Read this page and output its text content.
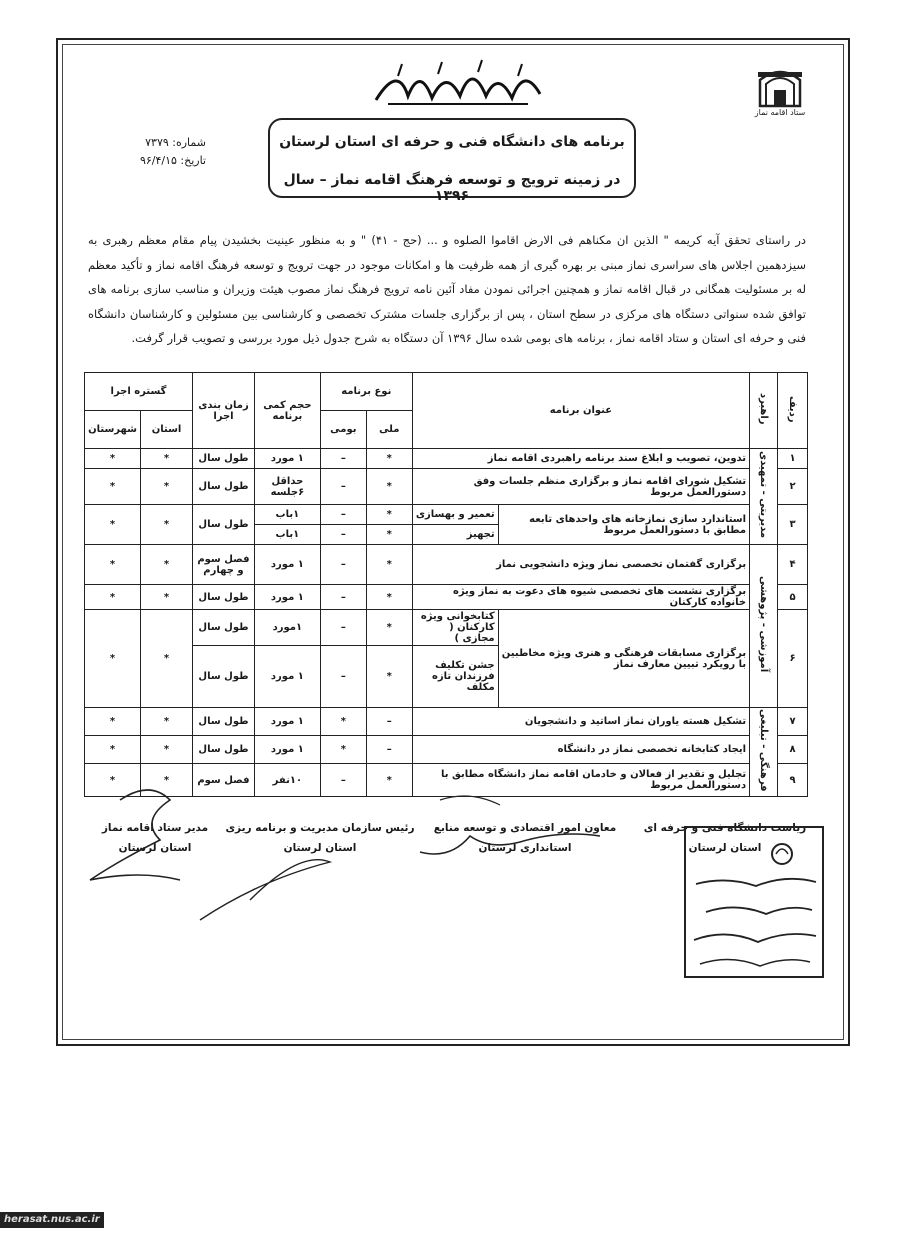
ستاد اقامه نماز
برنامه های دانشگاه فنی و حرفه ای استان لرستان
در زمینه ترویج و توسعه فرهنگ اقامه نماز – سال ۱۳۹۶
شماره: ۷۳۷۹
تاریخ: ۹۶/۴/۱۵
در راستای تحقق آیه کریمه " الذین ان مکناهم فی الارض اقاموا الصلوه و ... (حج - ۴۱) " و به منظور عینیت بخشیدن پیام مقام معظم رهبری به سیزدهمین اجلاس های سراسری نماز مبنی بر بهره گیری از همه ظرفیت ها و امکانات موجود در جهت ترویج و توسعه فرهنگ اقامه نماز و تأکید معظم له بر مسئولیت همگانی در قبال اقامه نماز و همچنین اجرائی نمودن مفاد آئین نامه ترویج فرهنگ نماز مصوب هیئت وزیران و مناسب سازی برنامه های توافق شده سنواتی دستگاه های مرکزی در سطح استان ، پس از برگزاری جلسات مشترک تخصصی و کارشناسی بین مسئولین و کارشناسان دانشگاه فنی و حرفه ای استان و ستاد اقامه نماز ، برنامه های بومی شده سال ۱۳۹۶ آن دستگاه به شرح جدول ذیل مورد بررسی و تصویب قرار گرفت.
ردیف	راهبرد	عنوان برنامه		نوع برنامه		حجم کمی برنامه	زمان بندی اجرا	گستره اجرا	
				ملی	بومی			استان	شهرستان
۱	مدیریتی - تمهیدی	تدوین، تصویب و ابلاغ سند برنامه راهبردی اقامه نماز		*	–	۱ مورد	طول سال	*	*
۲		تشکیل شورای اقامه نماز و برگزاری منظم جلسات وفق دستورالعمل مربوط		*	–	حداقل ۶جلسه	طول سال	*	*
۳		استاندارد سازی نمازخانه های واحدهای تابعه مطابق با دستورالعمل مربوط	تعمیر و بهسازی	*	–	۱باب	طول سال	*	*
			تجهیز	*	–	۱باب			
۴	آموزشی - پژوهشی	برگزاری گفتمان تخصصی نماز ویژه دانشجویی نماز		*	–	۱ مورد	فصل سوم و چهارم	*	*
۵		برگزاری نشست های تخصصی شیوه های دعوت به نماز ویژه خانواده کارکنان		*	–	۱ مورد	طول سال	*	*
۶		برگزاری مسابقات فرهنگی و هنری ویژه مخاطبین با رویکرد تبیین معارف نماز	کتابخوانی ویژه کارکنان ( مجازی )	*	–	۱مورد	طول سال	*	*
			جشن تکلیف فرزندان تازه مکلف	*	–	۱ مورد	طول سال		
۷	فرهنگی - تبلیغی	تشکیل هسته یاوران نماز اساتید و دانشجویان		–	*	۱ مورد	طول سال	*	*
۸		ایجاد کتابخانه تخصصی نماز در دانشگاه		–	*	۱ مورد	طول سال	*	*
۹		تجلیل و تقدیر از فعالان و خادمان اقامه نماز دانشگاه مطابق با دستورالعمل مربوط		*	–	۱۰نفر	فصل سوم	*	*
ریاست دانشگاه فنی و حرفه ای
استان لرستان
معاون امور اقتصادی و توسعه منابع
استانداری لرستان
رئیس سازمان مدیریت و برنامه ریزی
استان لرستان
مدیر ستاد اقامه نماز
استان لرستان
herasat.nus.ac.ir
